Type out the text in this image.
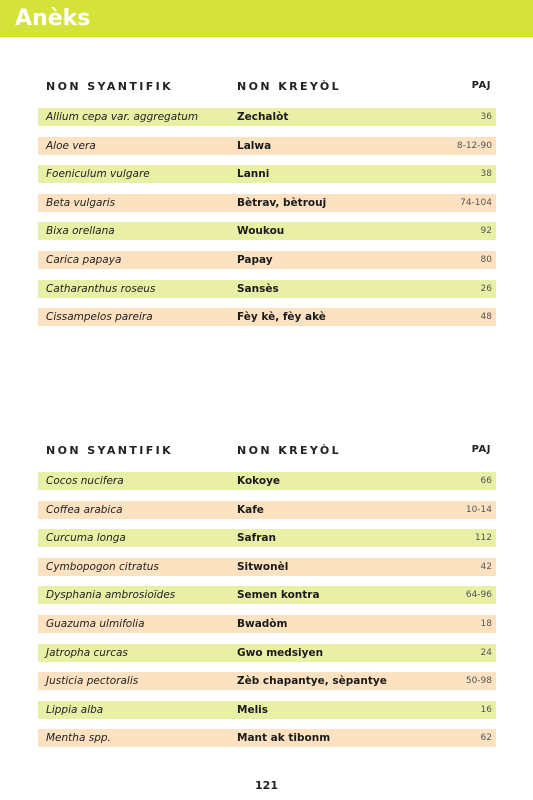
Anèks
NON SYANTIFIK	NON KREYÒL	PAJ
Allium cepa var. aggregatum	Zechalòt	36
Aloe vera	Lalwa	8-12-90
Foeniculum vulgare	Lanni	38
Beta vulgaris	Bètrav, bètrouj	74-104
Bixa orellana	Woukou	92
Carica papaya	Papay	80
Catharanthus roseus	Sansès	26
Cissampelos pareira	Fèy kè, fèy akè	48
NON SYANTIFIK	NON KREYÒL	PAJ
Cocos nucifera	Kokoye	66
Coffea arabica	Kafe	10-14
Curcuma longa	Safran	112
Cymbopogon citratus	Sitwonèl	42
Dysphania ambrosioïdes	Semen kontra	64-96
Guazuma ulmifolia	Bwadòm	18
Jatropha curcas	Gwo medsiyen	24
Justicia pectoralis	Zèb chapantye, sèpantye	50-98
Lippia alba	Melis	16
Mentha spp.	Mant ak tibonm	62
121
